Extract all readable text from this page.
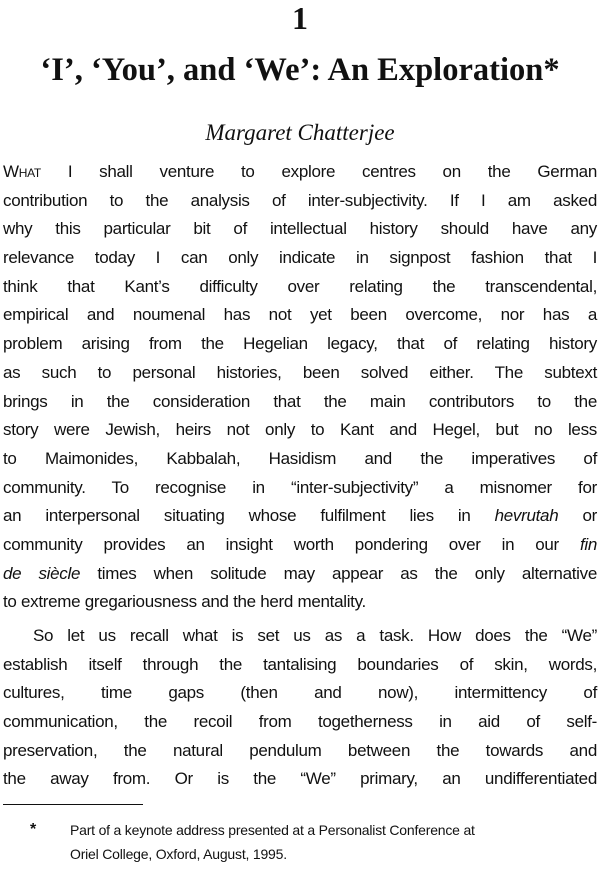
1
‘I’, ‘You’, and ‘We’: An Exploration*
Margaret Chatterjee
What I shall venture to explore centres on the German
contribution to the analysis of inter-subjectivity. If I am asked
why this particular bit of intellectual history should have any
relevance today I can only indicate in signpost fashion that I
think that Kant’s difficulty over relating the transcendental,
empirical and noumenal has not yet been overcome, nor has a
problem arising from the Hegelian legacy, that of relating history
as such to personal histories, been solved either. The subtext
brings in the consideration that the main contributors to the
story were Jewish, heirs not only to Kant and Hegel, but no less
to Maimonides, Kabbalah, Hasidism and the imperatives of
community. To recognise in “inter-subjectivity” a misnomer for
an interpersonal situating whose fulfilment lies in hevrutah or
community provides an insight worth pondering over in our fin
de siècle times when solitude may appear as the only alternative
to extreme gregariousness and the herd mentality.
So let us recall what is set us as a task. How does the “We”
establish itself through the tantalising boundaries of skin, words,
cultures, time gaps (then and now), intermittency of
communication, the recoil from togetherness in aid of self-
preservation, the natural pendulum between the towards and
the away from. Or is the “We” primary, an undifferentiated
* Part of a keynote address presented at a Personalist Conference at
Oriel College, Oxford, August, 1995.
